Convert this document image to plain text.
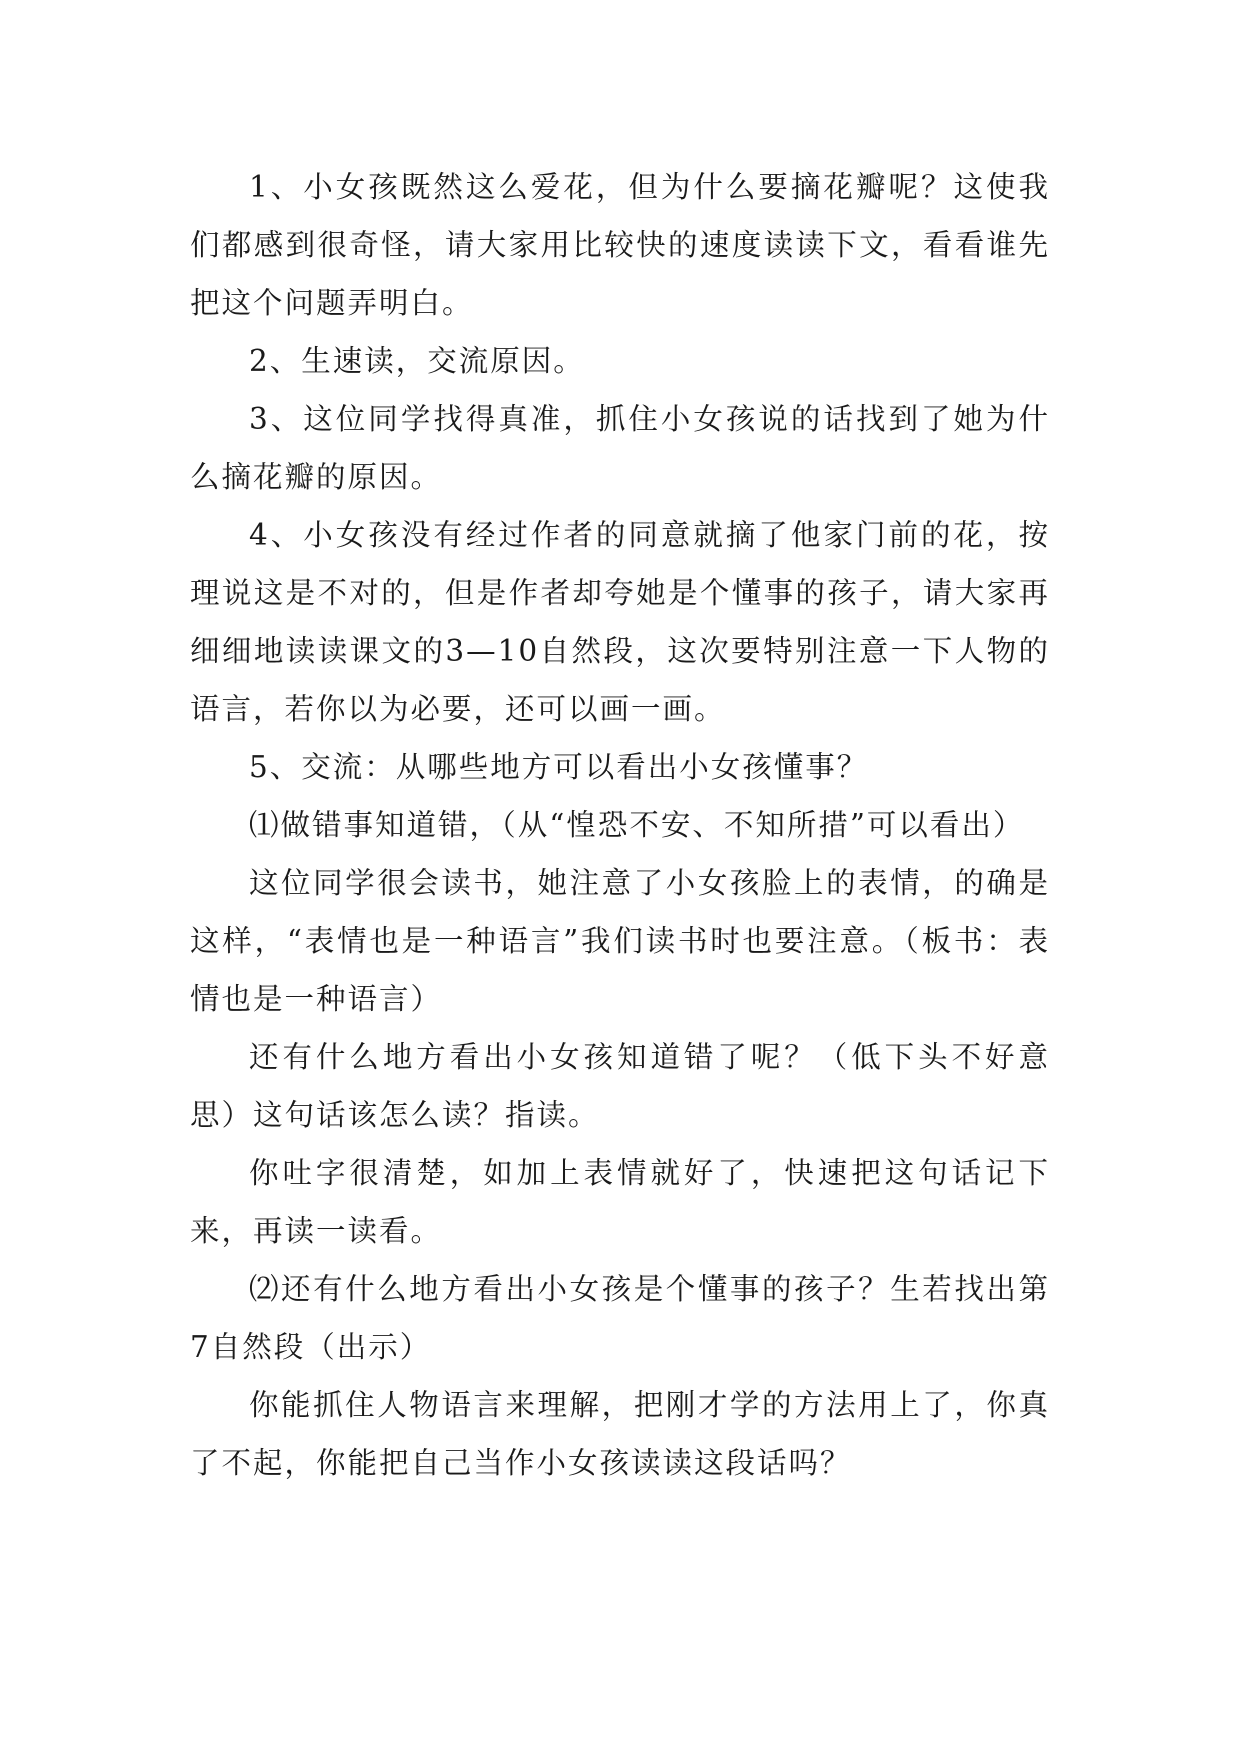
1、小女孩既然这么爱花，但为什么要摘花瓣呢？这使我们都感到很奇怪，请大家用比较快的速度读读下文，看看谁先把这个问题弄明白。

2、生速读，交流原因。

3、这位同学找得真准，抓住小女孩说的话找到了她为什么摘花瓣的原因。

4、小女孩没有经过作者的同意就摘了他家门前的花，按理说这是不对的，但是作者却夸她是个懂事的孩子，请大家再细细地读读课文的3—10自然段，这次要特别注意一下人物的语言，若你以为必要，还可以画一画。

5、交流：从哪些地方可以看出小女孩懂事？

⑴做错事知道错，（从“惶恐不安、不知所措”可以看出）

这位同学很会读书，她注意了小女孩脸上的表情，的确是这样，“表情也是一种语言”我们读书时也要注意。（板书：表情也是一种语言）

还有什么地方看出小女孩知道错了呢？（低下头不好意思）这句话该怎么读？指读。

你吐字很清楚，如加上表情就好了，快速把这句话记下来，再读一读看。

⑵还有什么地方看出小女孩是个懂事的孩子？生若找出第7自然段（出示）

你能抓住人物语言来理解，把刚才学的方法用上了，你真了不起，你能把自己当作小女孩读读这段话吗？
